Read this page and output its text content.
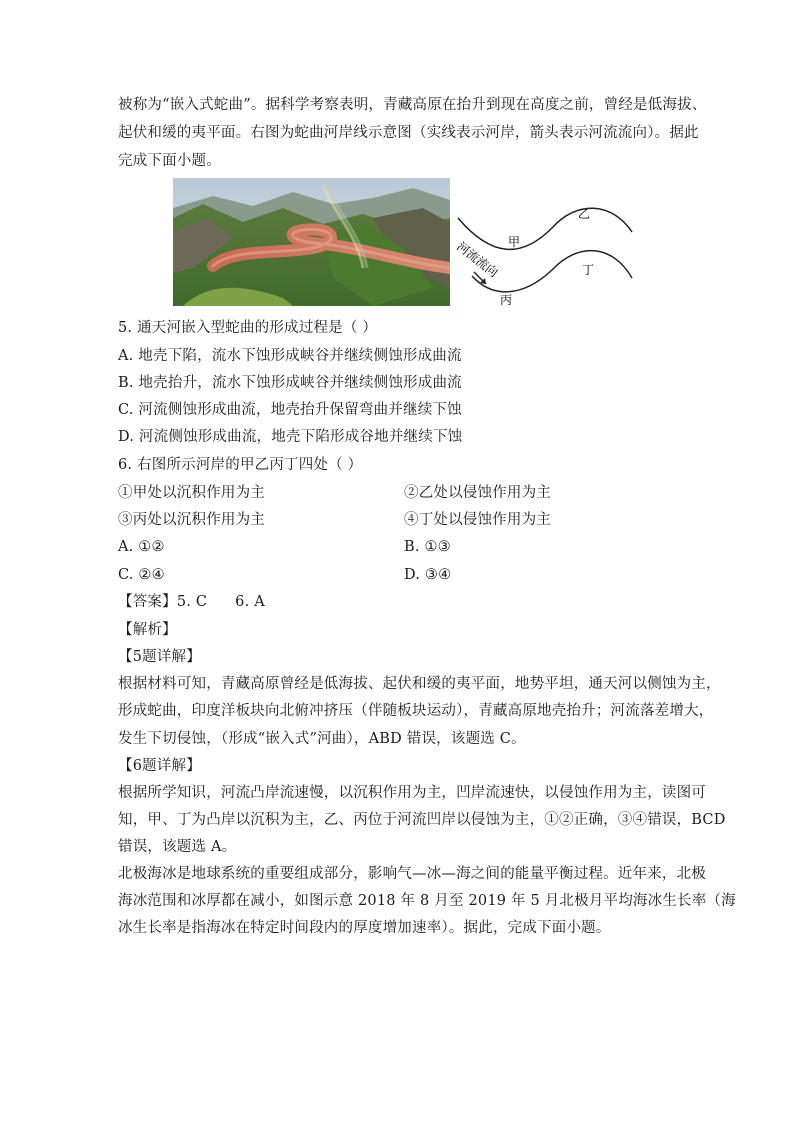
被称为“嵌入式蛇曲”。据科学考察表明，青藏高原在抬升到现在高度之前，曾经是低海拔、
起伏和缓的夷平面。右图为蛇曲河岸线示意图（实线表示河岸，箭头表示河流流向）。据此
完成下面小题。
甲
乙
丙
丁
河流流向
5. 通天河嵌入型蛇曲的形成过程是（ ）
A. 地壳下陷，流水下蚀形成峡谷并继续侧蚀形成曲流
B. 地壳抬升，流水下蚀形成峡谷并继续侧蚀形成曲流
C. 河流侧蚀形成曲流，地壳抬升保留弯曲并继续下蚀
D. 河流侧蚀形成曲流，地壳下陷形成谷地并继续下蚀
6. 右图所示河岸的甲乙丙丁四处（ ）
①甲处以沉积作用为主	②乙处以侵蚀作用为主
③丙处以沉积作用为主	④丁处以侵蚀作用为主
A. ①②	B. ①③
C. ②④	D. ③④
【答案】5. C 6. A
【解析】
【5题详解】
根据材料可知，青藏高原曾经是低海拔、起伏和缓的夷平面，地势平坦，通天河以侧蚀为主，
形成蛇曲，印度洋板块向北俯冲挤压（伴随板块运动），青藏高原地壳抬升；河流落差增大，
发生下切侵蚀，（形成“嵌入式”河曲），ABD 错误，该题选 C。
【6题详解】
根据所学知识，河流凸岸流速慢，以沉积作用为主，凹岸流速快，以侵蚀作用为主，读图可
知，甲、丁为凸岸以沉积为主，乙、丙位于河流凹岸以侵蚀为主，①②正确，③④错误，BCD
错误，该题选 A。
北极海冰是地球系统的重要组成部分，影响气—冰—海之间的能量平衡过程。近年来，北极
海冰范围和冰厚都在减小，如图示意 2018 年 8 月至 2019 年 5 月北极月平均海冰生长率（海
冰生长率是指海冰在特定时间段内的厚度增加速率）。据此，完成下面小题。
